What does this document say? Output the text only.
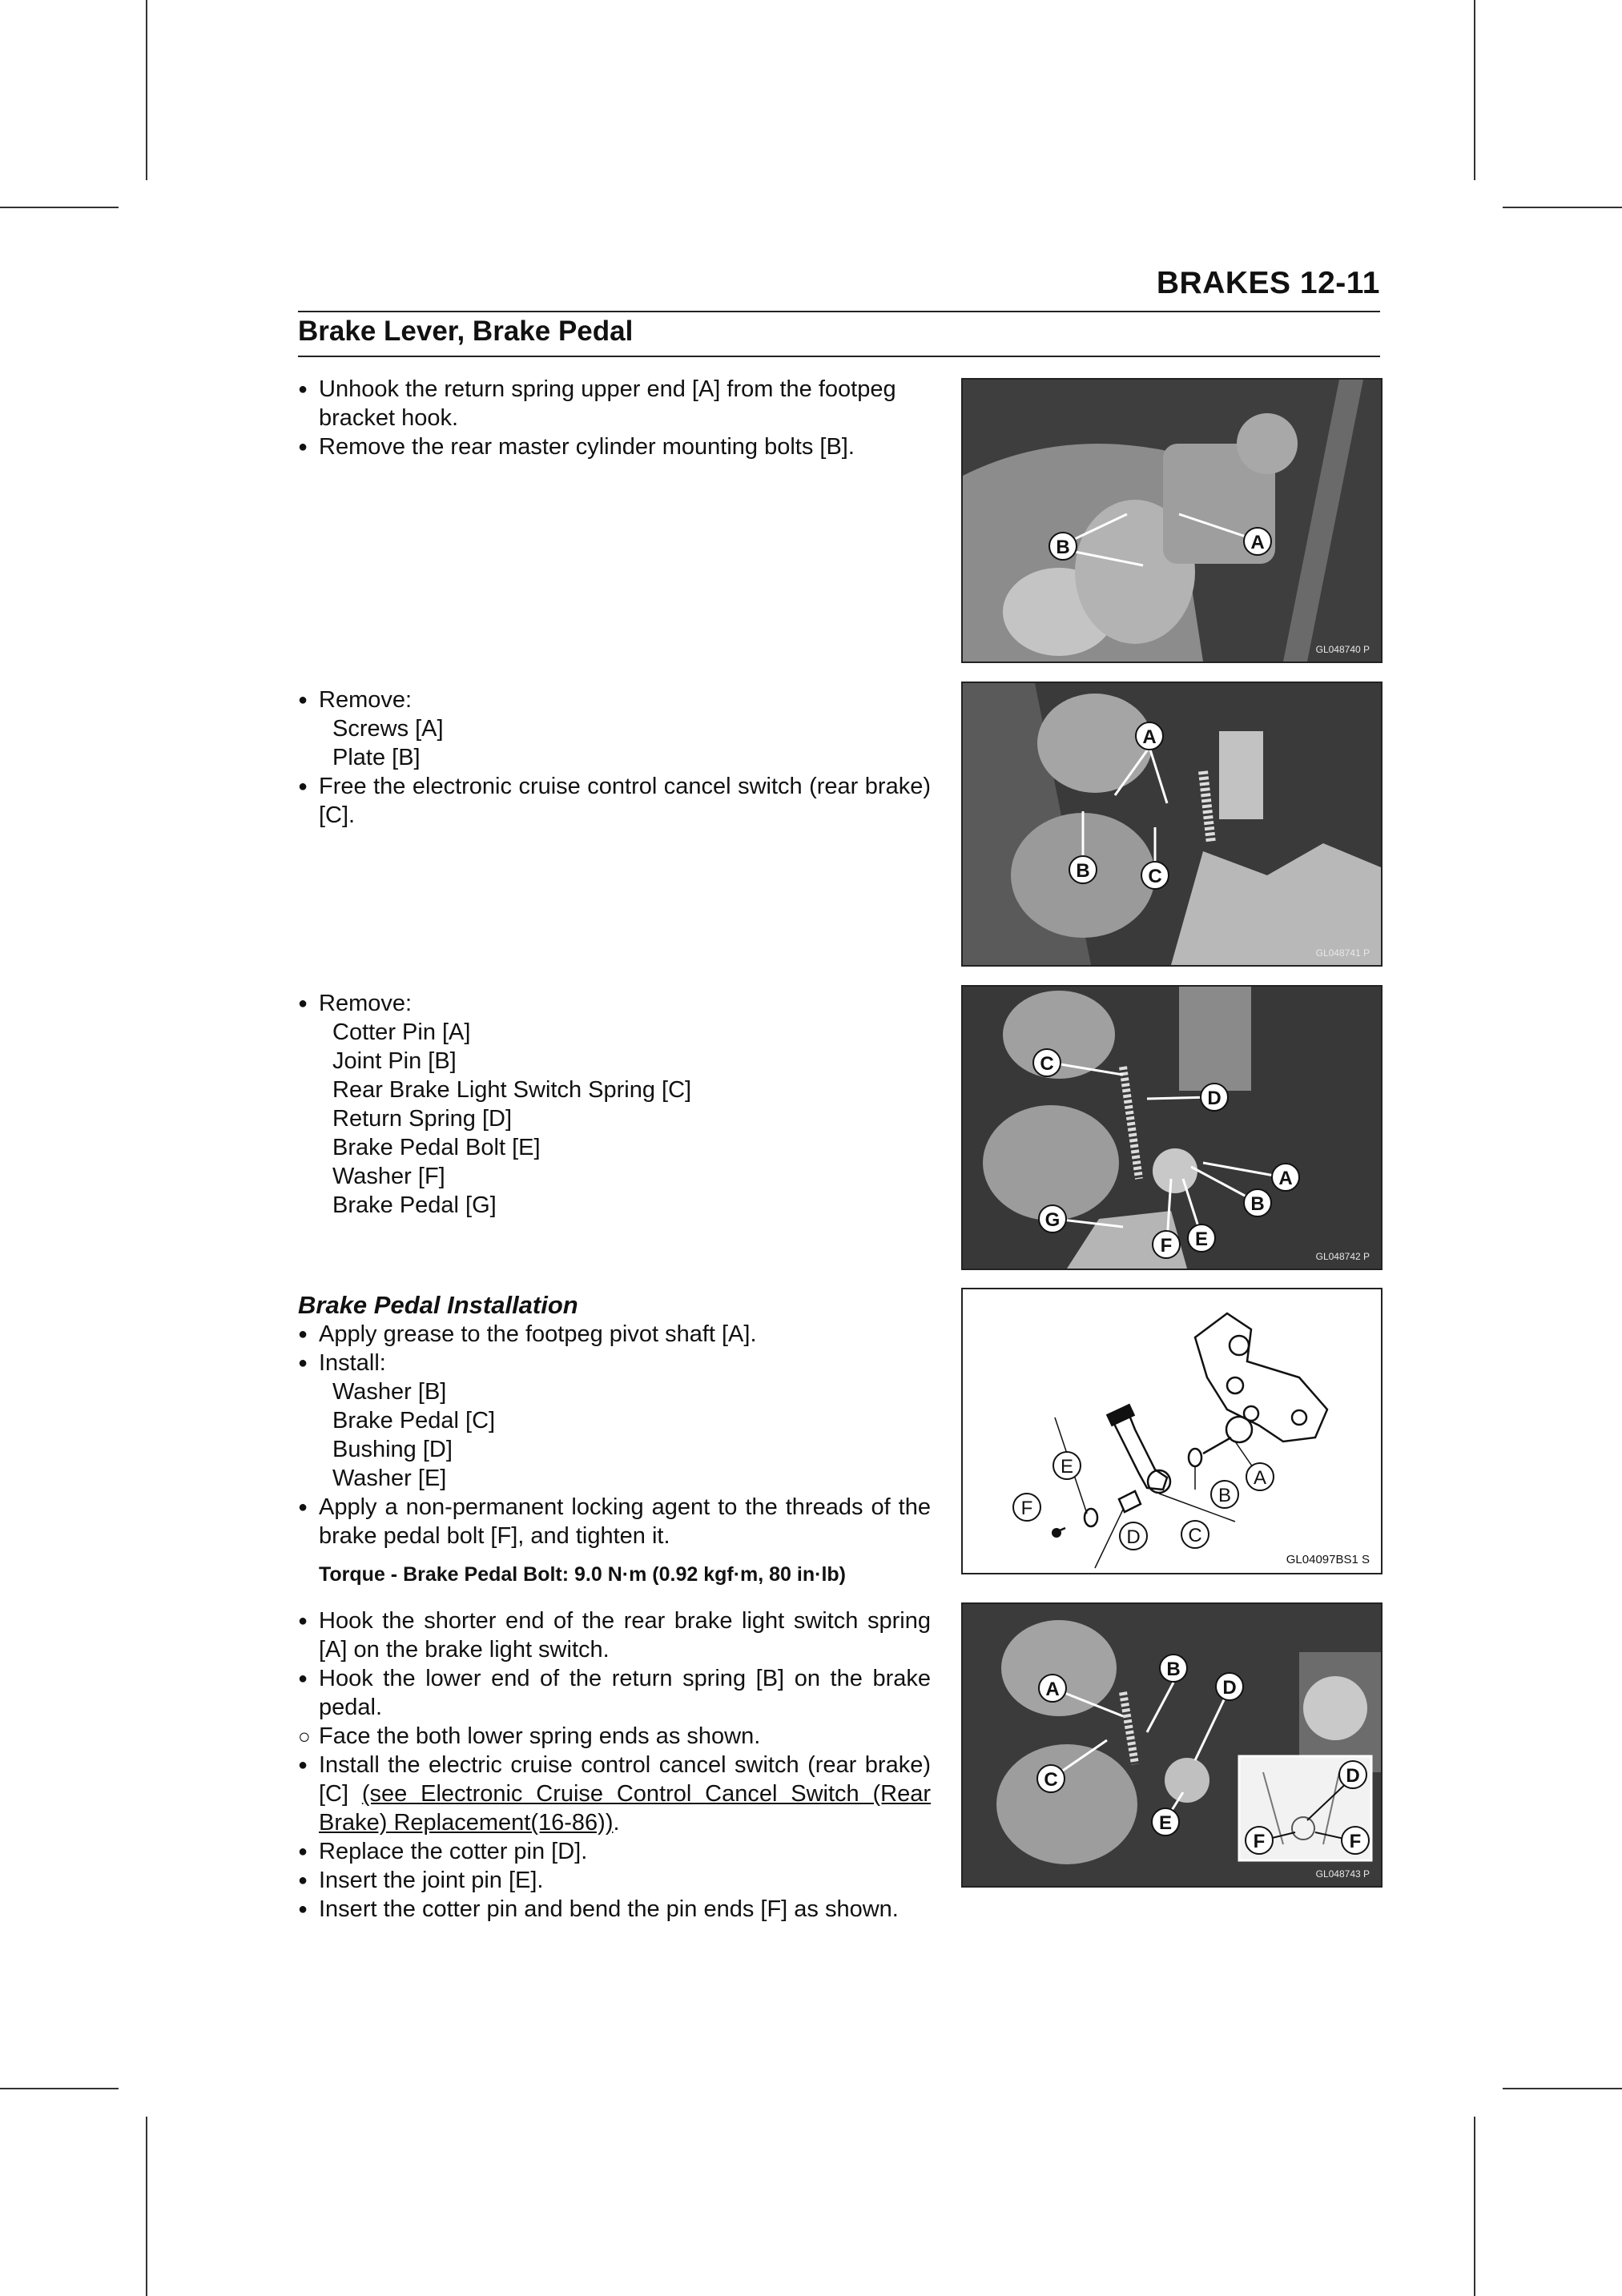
BRAKES 12-11
Brake Lever, Brake Pedal
● Unhook the return spring upper end [A] from the footpeg bracket hook.
● Remove the rear master cylinder mounting bolts [B].
B	A
GL048740 P
● Remove:
Screws [A]
Plate [B]
● Free the electronic cruise control cancel switch (rear brake) [C].
A
B	C
GL048741 P
● Remove:
Cotter Pin [A]
Joint Pin [B]
Rear Brake Light Switch Spring [C]
Return Spring [D]
Brake Pedal Bolt [E]
Washer [F]
Brake Pedal [G]
C
D
A
B
G
F E
GL048742 P
Brake Pedal Installation
● Apply grease to the footpeg pivot shaft [A].
● Install:
Washer [B]
Brake Pedal [C]
Bushing [D]
Washer [E]
● Apply a non-permanent locking agent to the threads of the brake pedal bolt [F], and tighten it.
Torque - Brake Pedal Bolt: 9.0 N·m (0.92 kgf·m, 80 in·lb)
E
F
D C
B
A
GL04097BS1 S
● Hook the shorter end of the rear brake light switch spring [A] on the brake light switch.
● Hook the lower end of the return spring [B] on the brake pedal.
○ Face the both lower spring ends as shown.
● Install the electric cruise control cancel switch (rear brake) [C] (see Electronic Cruise Control Cancel Switch (Rear Brake) Replacement(16-86)).
● Replace the cotter pin [D].
● Insert the joint pin [E].
● Insert the cotter pin and bend the pin ends [F] as shown.
A
B
D
C
E
D
F	F
GL048743 P
